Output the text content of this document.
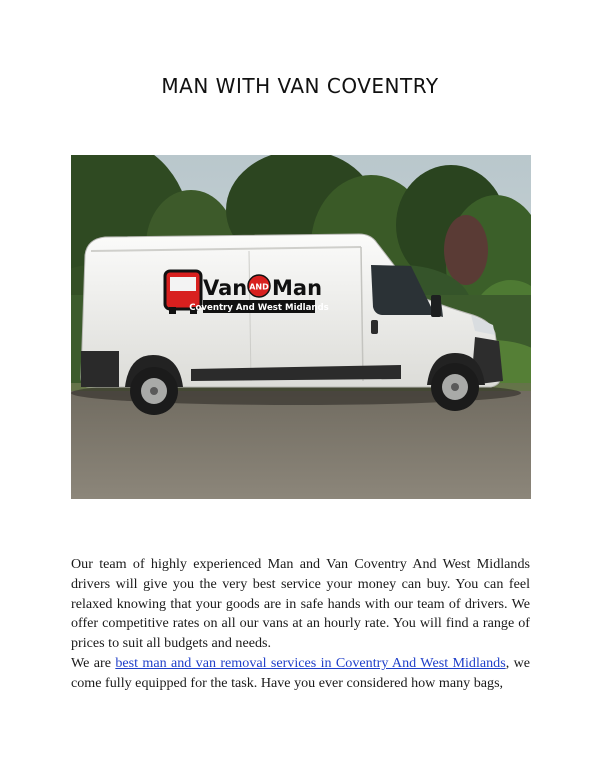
MAN WITH VAN COVENTRY
Van AND Man
Coventry And West Midlands

Our team of highly experienced Man and Van Coventry And West Midlands drivers will give you the very best service your money can buy. You can feel relaxed knowing that your goods are in safe hands with our team of drivers. We offer competitive rates on all our vans at an hourly rate. You will find a range of prices to suit all budgets and needs.

We are best man and van removal services in Coventry And West Midlands, we come fully equipped for the task. Have you ever considered how many bags,
